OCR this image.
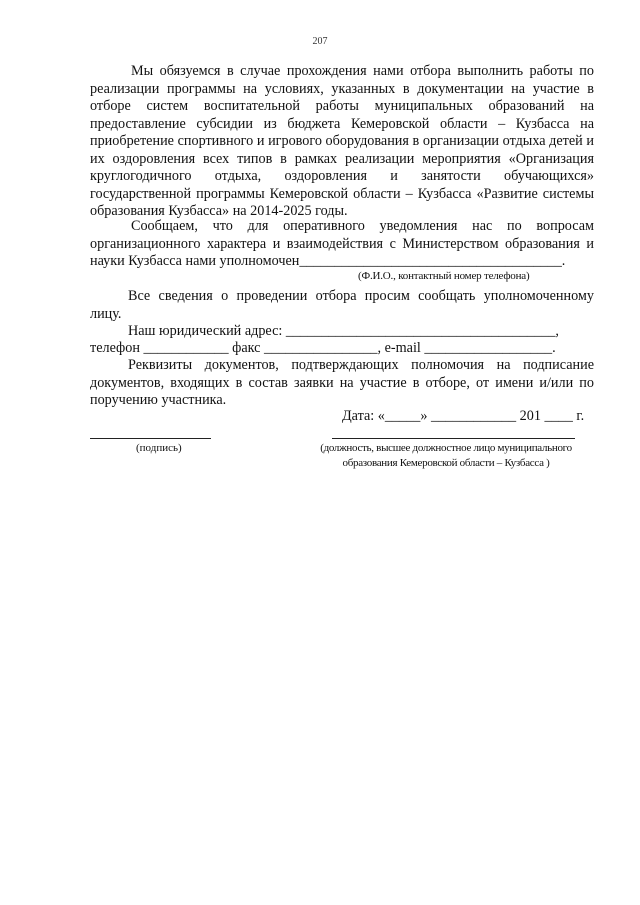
207
Мы обязуемся в случае прохождения нами отбора выполнить работы по реализации программы на условиях, указанных в документации на участие в отборе систем воспитательной работы муниципальных образований на предоставление субсидии из бюджета Кемеровской области – Кузбасса на приобретение спортивного и игрового оборудования в организации отдыха детей и их оздоровления всех типов в рамках реализации мероприятия «Организация круглогодичного отдыха, оздоровления и занятости обучающихся» государственной программы Кемеровской области – Кузбасса «Развитие системы образования Кузбасса» на 2014-2025 годы.
Сообщаем, что для оперативного уведомления нас по вопросам организационного характера и взаимодействия с Министерством образования и науки Кузбасса нами уполномочен_____________________________________.
(Ф.И.О., контактный номер телефона)
Все сведения о проведении отбора просим сообщать уполномоченному лицу.
Наш юридический адрес: ______________________________________,
телефон ____________ факс ________________, e-mail __________________.
Реквизиты документов, подтверждающих полномочия на подписание документов, входящих в состав заявки на участие в отборе, от имени и/или по поручению участника.
Дата: «_____» ____________ 201 ____ г.
(подпись)	(должность, высшее должностное лицо муниципального
образования Кемеровской области – Кузбасса )
